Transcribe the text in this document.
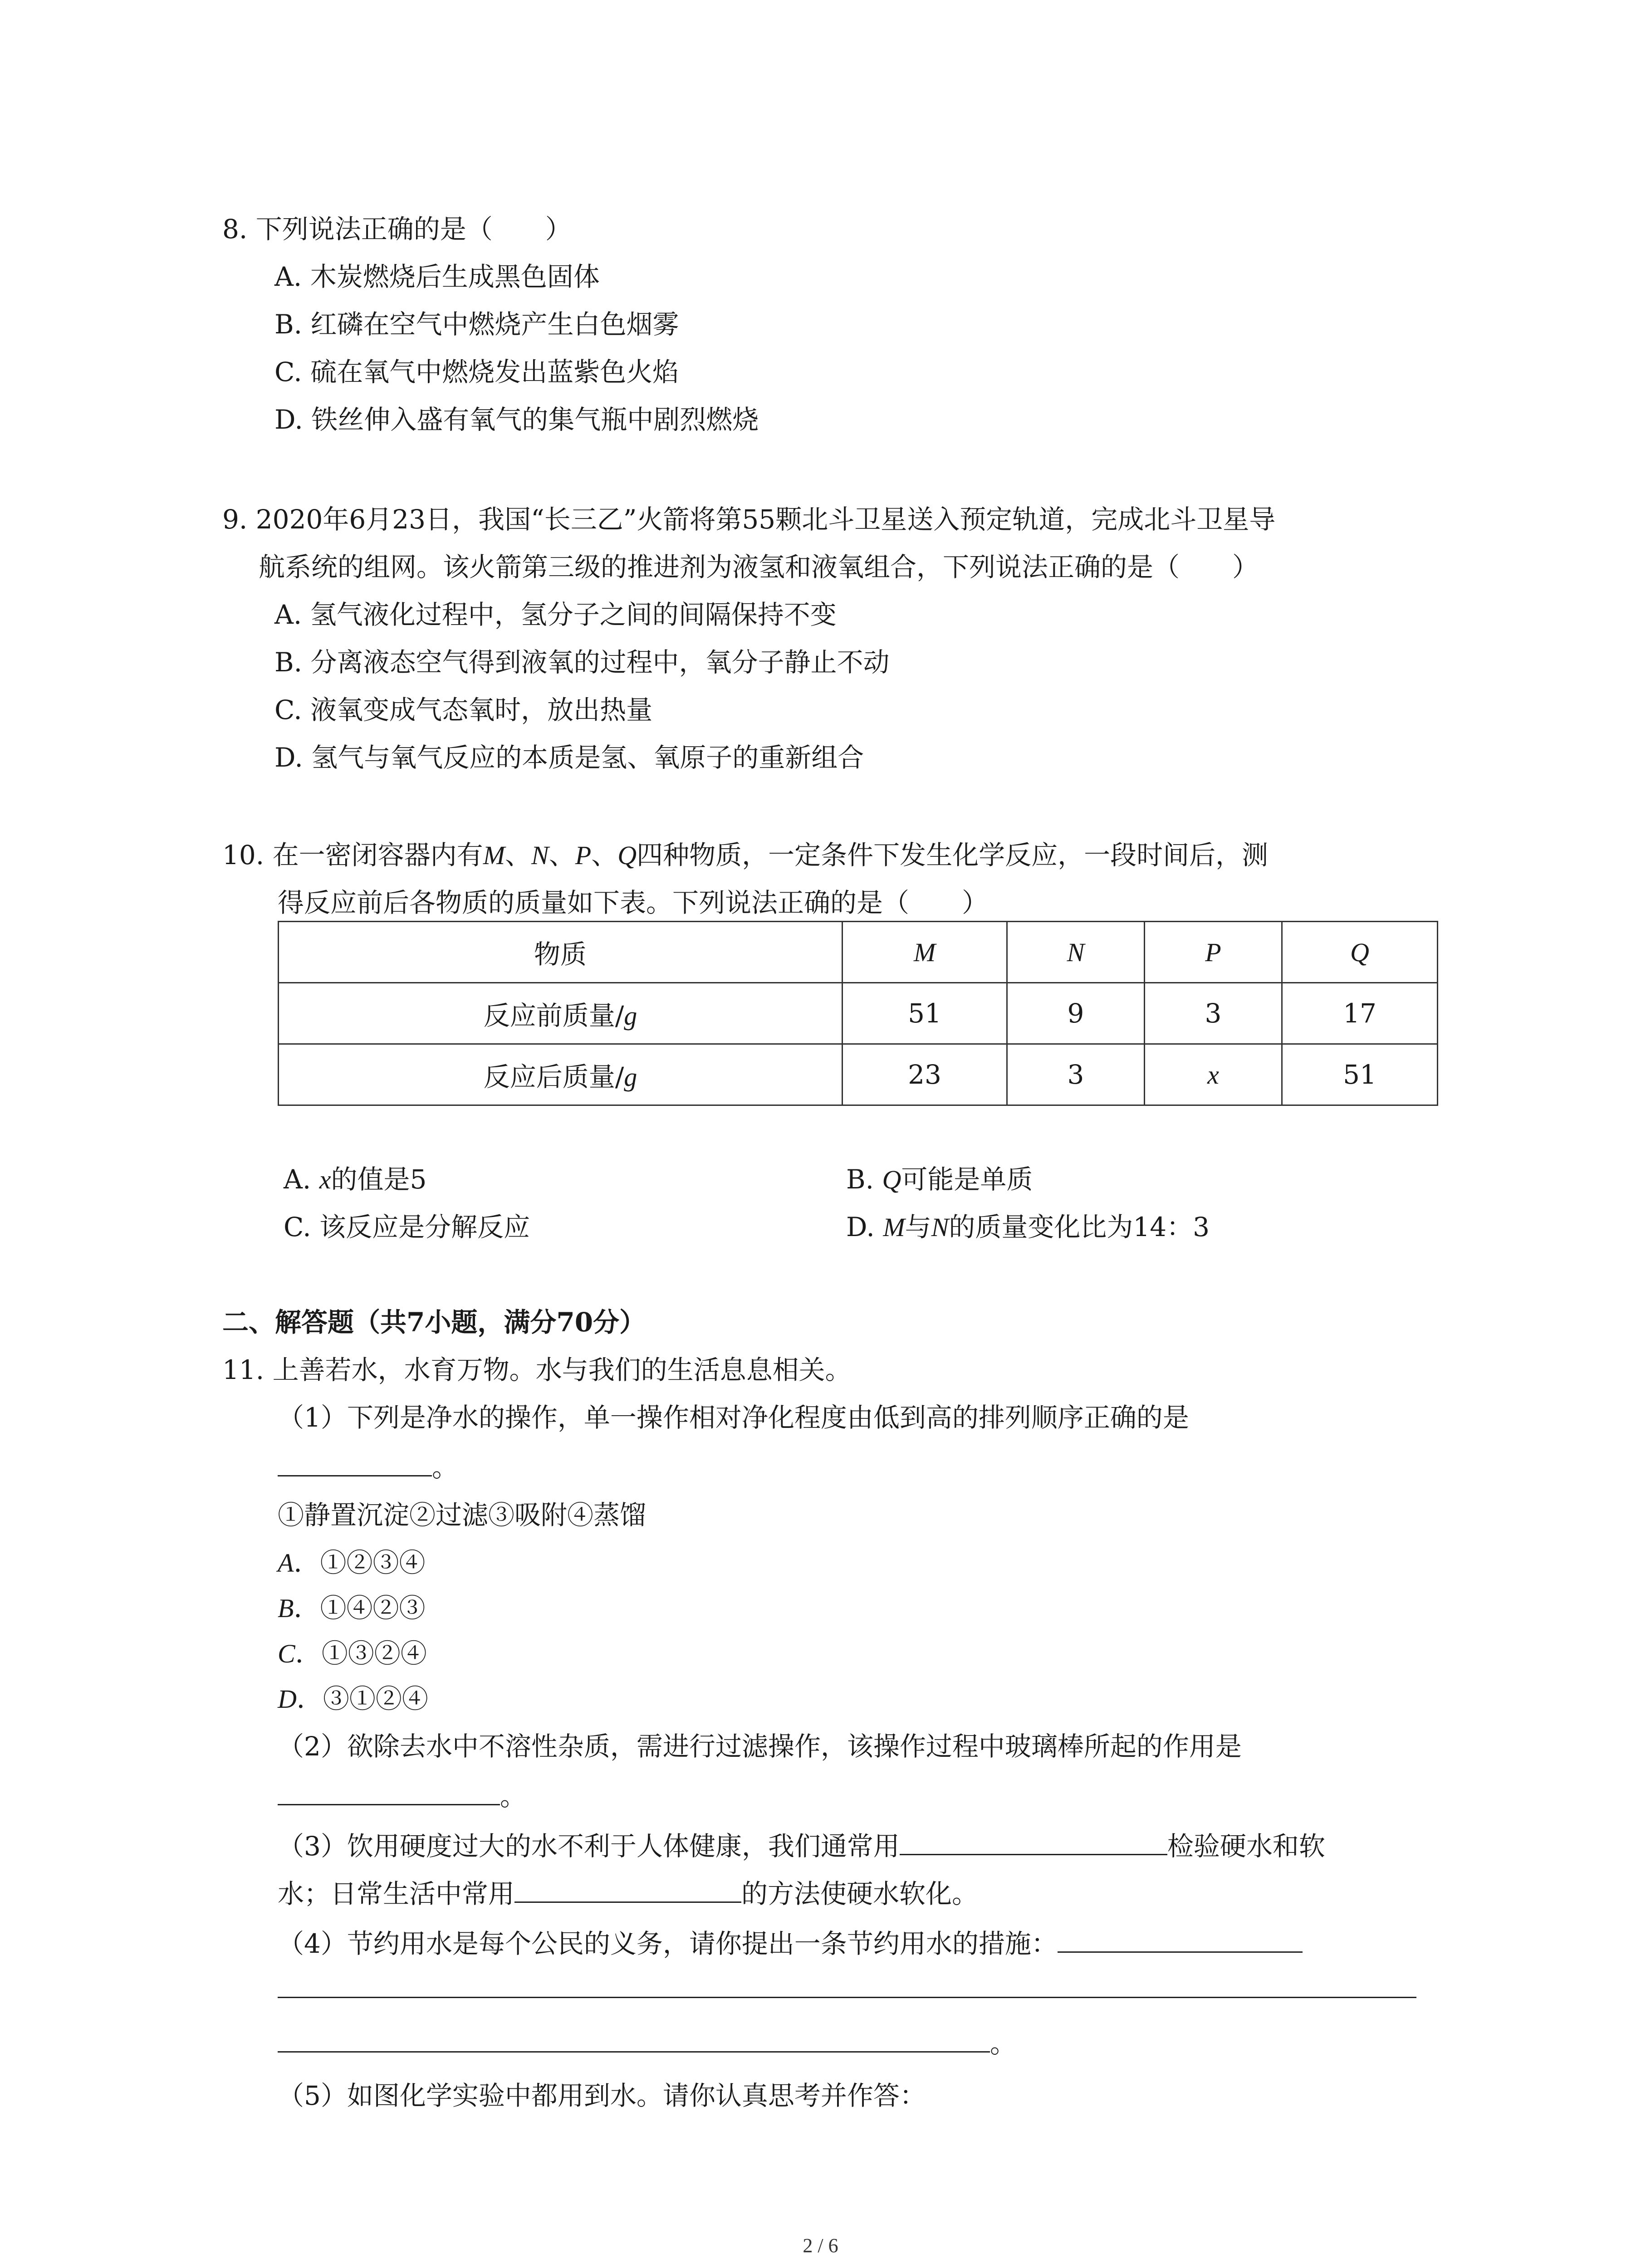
8. 下列说法正确的是（　　）
A. 木炭燃烧后生成黑色固体
B. 红磷在空气中燃烧产生白色烟雾
C. 硫在氧气中燃烧发出蓝紫色火焰
D. 铁丝伸入盛有氧气的集气瓶中剧烈燃烧
9. 2020年6月23日，我国“长三乙”火箭将第55颗北斗卫星送入预定轨道，完成北斗卫星导
航系统的组网。该火箭第三级的推进剂为液氢和液氧组合，下列说法正确的是（　　）
A. 氢气液化过程中，氢分子之间的间隔保持不变
B. 分离液态空气得到液氧的过程中，氧分子静止不动
C. 液氧变成气态氧时，放出热量
D. 氢气与氧气反应的本质是氢、氧原子的重新组合
10. 在一密闭容器内有M、N、P、Q四种物质，一定条件下发生化学反应，一段时间后，测
得反应前后各物质的质量如下表。下列说法正确的是（　　）
物质	M	N	P	Q
反应前质量/g	51	9	3	17
反应后质量/g	23	3	x	51
A. x的值是5	B. Q可能是单质
C. 该反应是分解反应	D. M与N的质量变化比为14：3
二、解答题（共7小题，满分70分）
11. 上善若水，水育万物。水与我们的生活息息相关。
（1）下列是净水的操作，单一操作相对净化程度由低到高的排列顺序正确的是
。
①静置沉淀②过滤③吸附④蒸馏
A．①②③④
B．①④②③
C．①③②④
D．③①②④
（2）欲除去水中不溶性杂质，需进行过滤操作，该操作过程中玻璃棒所起的作用是
。
（3）饮用硬度过大的水不利于人体健康，我们通常用	检验硬水和软
水；日常生活中常用	的方法使硬水软化。
（4）节约用水是每个公民的义务，请你提出一条节约用水的措施：
。
（5）如图化学实验中都用到水。请你认真思考并作答：
2 / 6
